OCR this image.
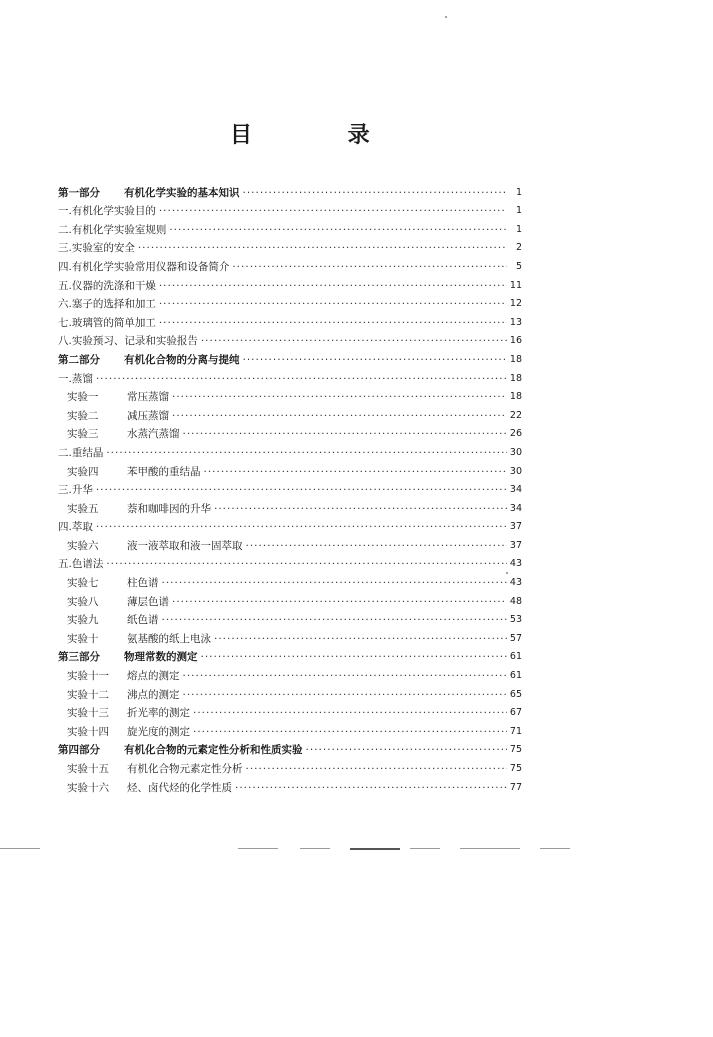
目 录
第一部分 有机化学实验的基本知识 ·····	1
一.有机化学实验目的 ·····	1
二.有机化学实验室规则 ·····	1
三.实验室的安全 ·····	2
四.有机化学实验常用仪器和设备简介 ·····	5
五.仪器的洗涤和干燥 ·····	11
六.塞子的选择和加工 ·····	12
七.玻璃管的简单加工 ·····	13
八.实验预习、记录和实验报告 ·····	16
第二部分 有机化合物的分离与提纯 ·····	18
一.蒸馏 ·····	18
实验一	常压蒸馏 ·····	18
实验二	减压蒸馏 ·····	22
实验三	水蒸汽蒸馏 ·····	26
二.重结晶 ·····	30
实验四	苯甲酸的重结晶 ·····	30
三.升华 ·····	34
实验五	萘和咖啡因的升华 ·····	34
四.萃取 ·····	37
实验六	液一液萃取和液一固萃取 ·····	37
五.色谱法 ·····	43
实验七	柱色谱 ·····	43
实验八	薄层色谱 ·····	48
实验九	纸色谱 ·····	53
实验十	氨基酸的纸上电泳 ·····	57
第三部分 物理常数的测定 ·····	61
实验十一 熔点的测定 ·····	61
实验十二 沸点的测定 ·····	65
实验十三 折光率的测定 ·····	67
实验十四 旋光度的测定 ·····	71
第四部分 有机化合物的元素定性分析和性质实验 ·····	75
实验十五 有机化合物元素定性分析 ·····	75
实验十六 烃、卤代烃的化学性质 ·····	77
